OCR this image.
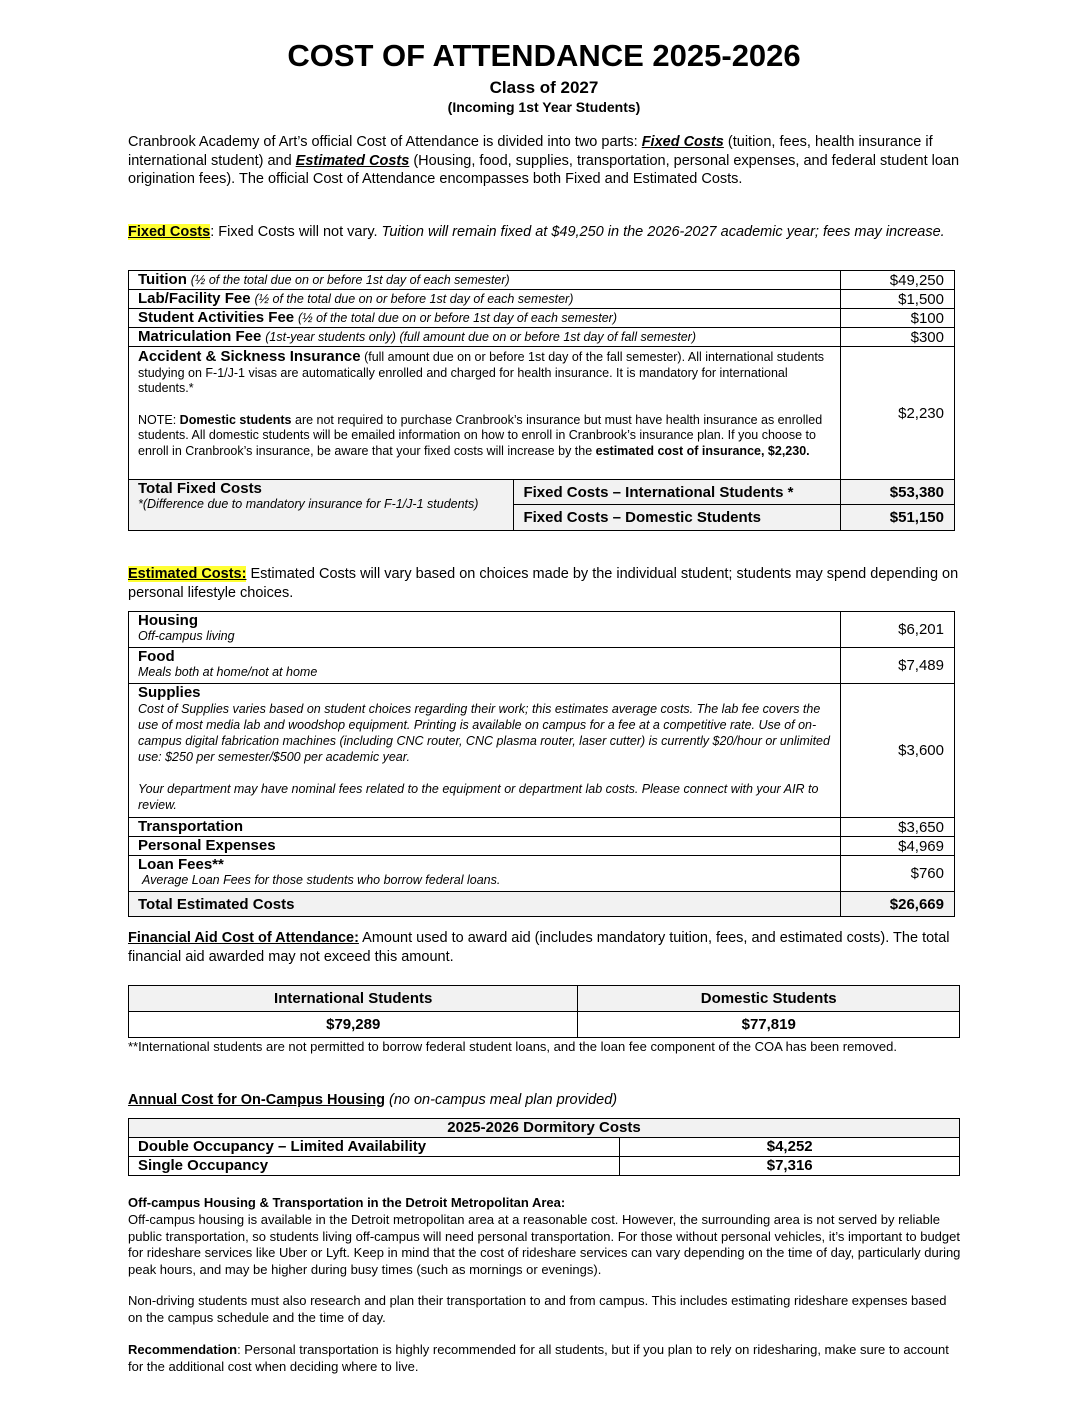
COST OF ATTENDANCE 2025-2026
Class of 2027
(Incoming 1st Year Students)
Cranbrook Academy of Art’s official Cost of Attendance is divided into two parts: Fixed Costs (tuition, fees, health insurance if international student) and Estimated Costs (Housing, food, supplies, transportation, personal expenses, and federal student loan origination fees). The official Cost of Attendance encompasses both Fixed and Estimated Costs.
Fixed Costs: Fixed Costs will not vary. Tuition will remain fixed at $49,250 in the 2026-2027 academic year; fees may increase.
Tuition (½ of the total due on or before 1st day of each semester)		$49,250
Lab/Facility Fee (½ of the total due on or before 1st day of each semester)		$1,500
Student Activities Fee (½ of the total due on or before 1st day of each semester)		$100
Matriculation Fee (1st-year students only) (full amount due on or before 1st day of fall semester)		$300

Accident & Sickness Insurance (full amount due on or before 1st day of the fall semester). All international students studying on F-1/J-1 visas are automatically enrolled and charged for health insurance. It is mandatory for international students.*
NOTE: Domestic students are not required to purchase Cranbrook’s insurance but must have health insurance as enrolled students. All domestic students will be emailed information on how to enroll in Cranbrook’s insurance plan. If you choose to enroll in Cranbrook’s insurance, be aware that your fixed costs will increase by the estimated cost of insurance, $2,230.		$2,230

Total Fixed Costs
*(Difference due to mandatory insurance for F-1/J-1 students)	Fixed Costs – International Students *	$53,380
	Fixed Costs – Domestic Students	$51,150
Estimated Costs: Estimated Costs will vary based on choices made by the individual student; students may spend depending on personal lifestyle choices.
Housing
Off-campus living	$6,201

Food
Meals both at home/not at home	$7,489

Supplies
Cost of Supplies varies based on student choices regarding their work; this estimates average costs. The lab fee covers the use of most media lab and woodshop equipment. Printing is available on campus for a fee at a competitive rate. Use of on-campus digital fabrication machines (including CNC router, CNC plasma router, laser cutter) is currently $20/hour or unlimited use: $250 per semester/$500 per academic year.
Your department may have nominal fees related to the equipment or department lab costs. Please connect with your AIR to review.	$3,600
Transportation	$3,650
Personal Expenses	$4,969

Loan Fees**
Average Loan Fees for those students who borrow federal loans.	$760
Total Estimated Costs	$26,669
Financial Aid Cost of Attendance: Amount used to award aid (includes mandatory tuition, fees, and estimated costs). The total financial aid awarded may not exceed this amount.
International Students	Domestic Students
$79,289	$77,819
**International students are not permitted to borrow federal student loans, and the loan fee component of the COA has been removed.
Annual Cost for On-Campus Housing (no on-campus meal plan provided)
2025-2026 Dormitory Costs	
Double Occupancy – Limited Availability	$4,252
Single Occupancy	$7,316
Off-campus Housing & Transportation in the Detroit Metropolitan Area:
Off-campus housing is available in the Detroit metropolitan area at a reasonable cost. However, the surrounding area is not served by reliable public transportation, so students living off-campus will need personal transportation. For those without personal vehicles, it’s important to budget for rideshare services like Uber or Lyft. Keep in mind that the cost of rideshare services can vary depending on the time of day, particularly during peak hours, and may be higher during busy times (such as mornings or evenings).
Non-driving students must also research and plan their transportation to and from campus. This includes estimating rideshare expenses based on the campus schedule and the time of day.
Recommendation: Personal transportation is highly recommended for all students, but if you plan to rely on ridesharing, make sure to account for the additional cost when deciding where to live.
